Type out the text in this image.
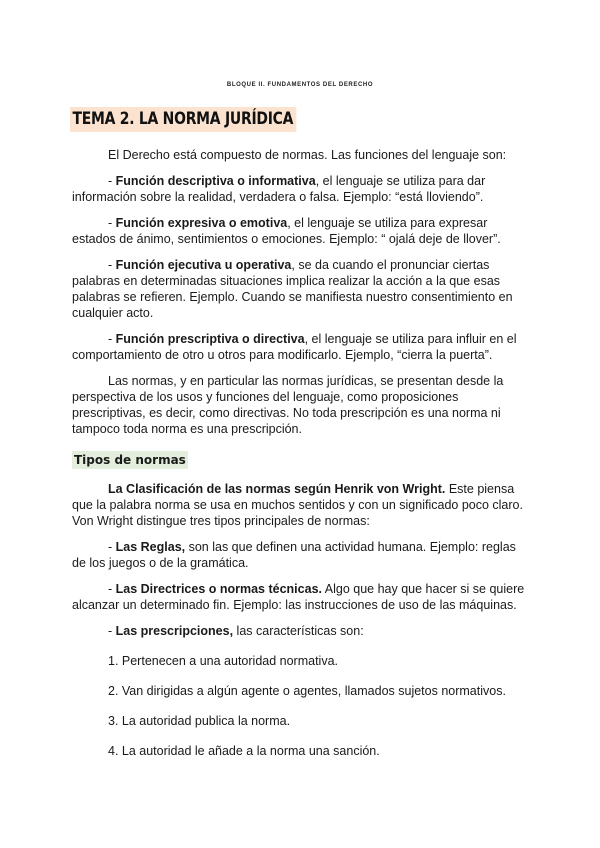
BLOQUE II. FUNDAMENTOS DEL DERECHO
TEMA 2. LA NORMA JURÍDICA

El Derecho está compuesto de normas. Las funciones del lenguaje son:

- Función descriptiva o informativa, el lenguaje se utiliza para dar información sobre la realidad, verdadera o falsa. Ejemplo: “está lloviendo”.

- Función expresiva o emotiva, el lenguaje se utiliza para expresar estados de ánimo, sentimientos o emociones. Ejemplo: “ ojalá deje de llover”.

- Función ejecutiva u operativa, se da cuando el pronunciar ciertas palabras en determinadas situaciones implica realizar la acción a la que esas palabras se refieren. Ejemplo. Cuando se manifiesta nuestro consentimiento en cualquier acto.

- Función prescriptiva o directiva, el lenguaje se utiliza para influir en el comportamiento de otro u otros para modificarlo. Ejemplo, “cierra la puerta”.

Las normas, y en particular las normas jurídicas, se presentan desde la perspectiva de los usos y funciones del lenguaje, como proposiciones prescriptivas, es decir, como directivas. No toda prescripción es una norma ni tampoco toda norma es una prescripción.

Tipos de normas

La Clasificación de las normas según Henrik von Wright. Este piensa que la palabra norma se usa en muchos sentidos y con un significado poco claro. Von Wright distingue tres tipos principales de normas:

- Las Reglas, son las que definen una actividad humana. Ejemplo: reglas de los juegos o de la gramática.

- Las Directrices o normas técnicas. Algo que hay que hacer si se quiere alcanzar un determinado fin. Ejemplo: las instrucciones de uso de las máquinas.

- Las prescripciones, las características son:

1. Pertenecen a una autoridad normativa.

2. Van dirigidas a algún agente o agentes, llamados sujetos normativos.

3. La autoridad publica la norma.

4. La autoridad le añade a la norma una sanción.
